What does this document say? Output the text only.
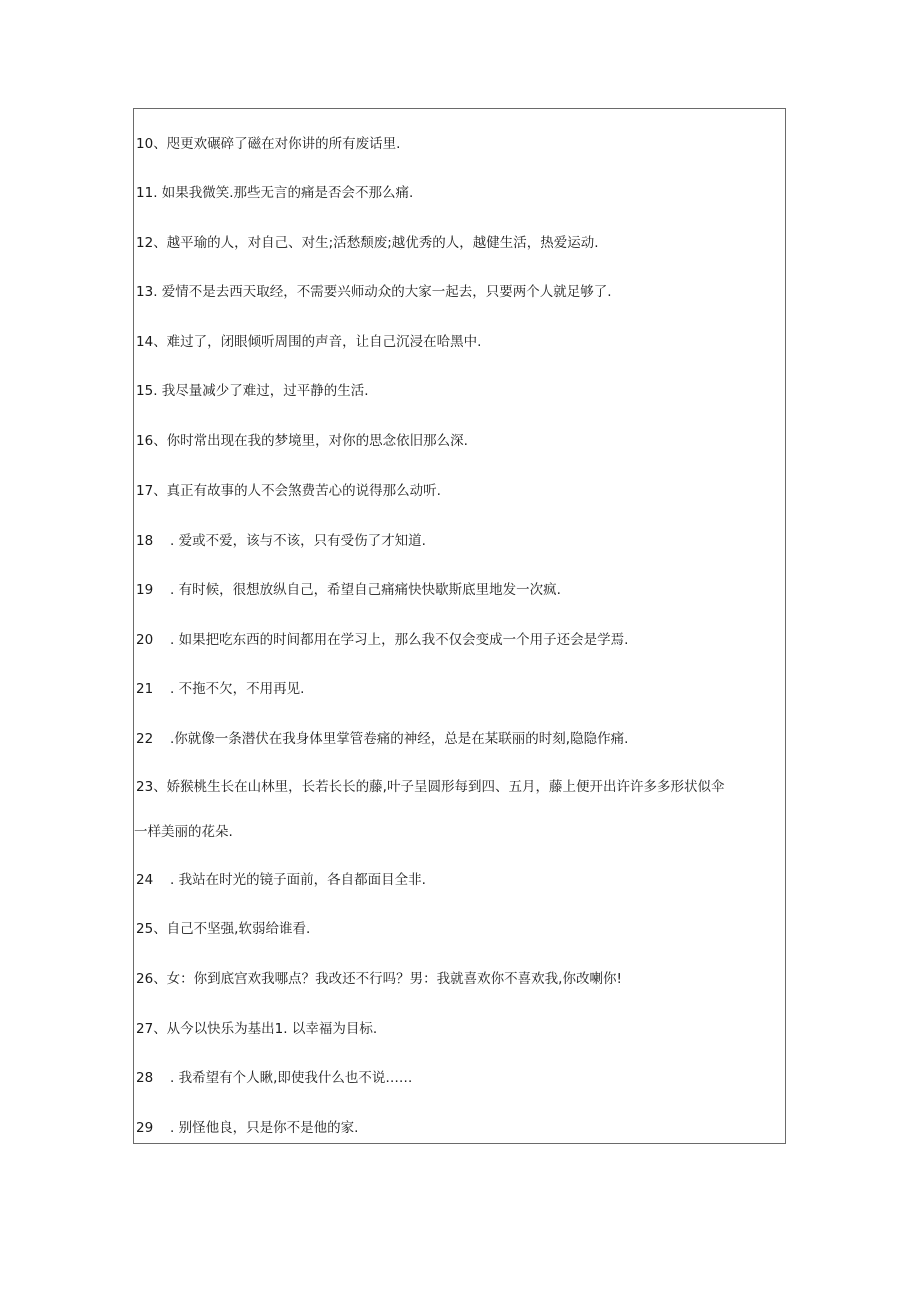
10、咫更欢碾碎了磁在对你讲的所有废话里.
11. 如果我微笑.那些无言的痛是否会不那么痛.
12、越平瑜的人，对自己、对生;活愁颓废;越优秀的人，越健生活，热爱运动.
13. 爱情不是去西天取经，不需要兴师动众的大家一起去，只要两个人就足够了.
14、难过了，闭眼倾听周围的声音，让自己沉浸在哈黑中.
15. 我尽量减少了难过，过平静的生活.
16、你时常出现在我的梦境里，对你的思念依旧那么深.
17、真正有故事的人不会煞费苦心的说得那么动听.
18 . 爱或不爱，该与不该，只有受伤了才知道.
19 . 有时候，很想放纵自己，希望自己痛痛快快歇斯底里地发一次疯.
20 . 如果把吃东西的时间都用在学习上，那么我不仅会变成一个用子还会是学焉.
21 . 不拖不欠，不用再见.
22 .你就像一条潜伏在我身体里掌管卷痛的神经，总是在某联丽的时刻,隐隐作痛.
23、娇猴桃生长在山林里，长若长长的藤,叶子呈圆形每到四、五月，藤上便开出许许多多形状似伞
一样美丽的花朵.
24 . 我站在时光的镜子面前，各自都面目全非.
25、自己不坚强,软弱给谁看.
26、女：你到底宫欢我哪点？我改还不行吗？男：我就喜欢你不喜欢我,你改喇你!
27、从今以快乐为基出1. 以幸福为目标.
28 . 我希望有个人瞅,即使我什么也不说……
29 . 别怪他良，只是你不是他的家.
